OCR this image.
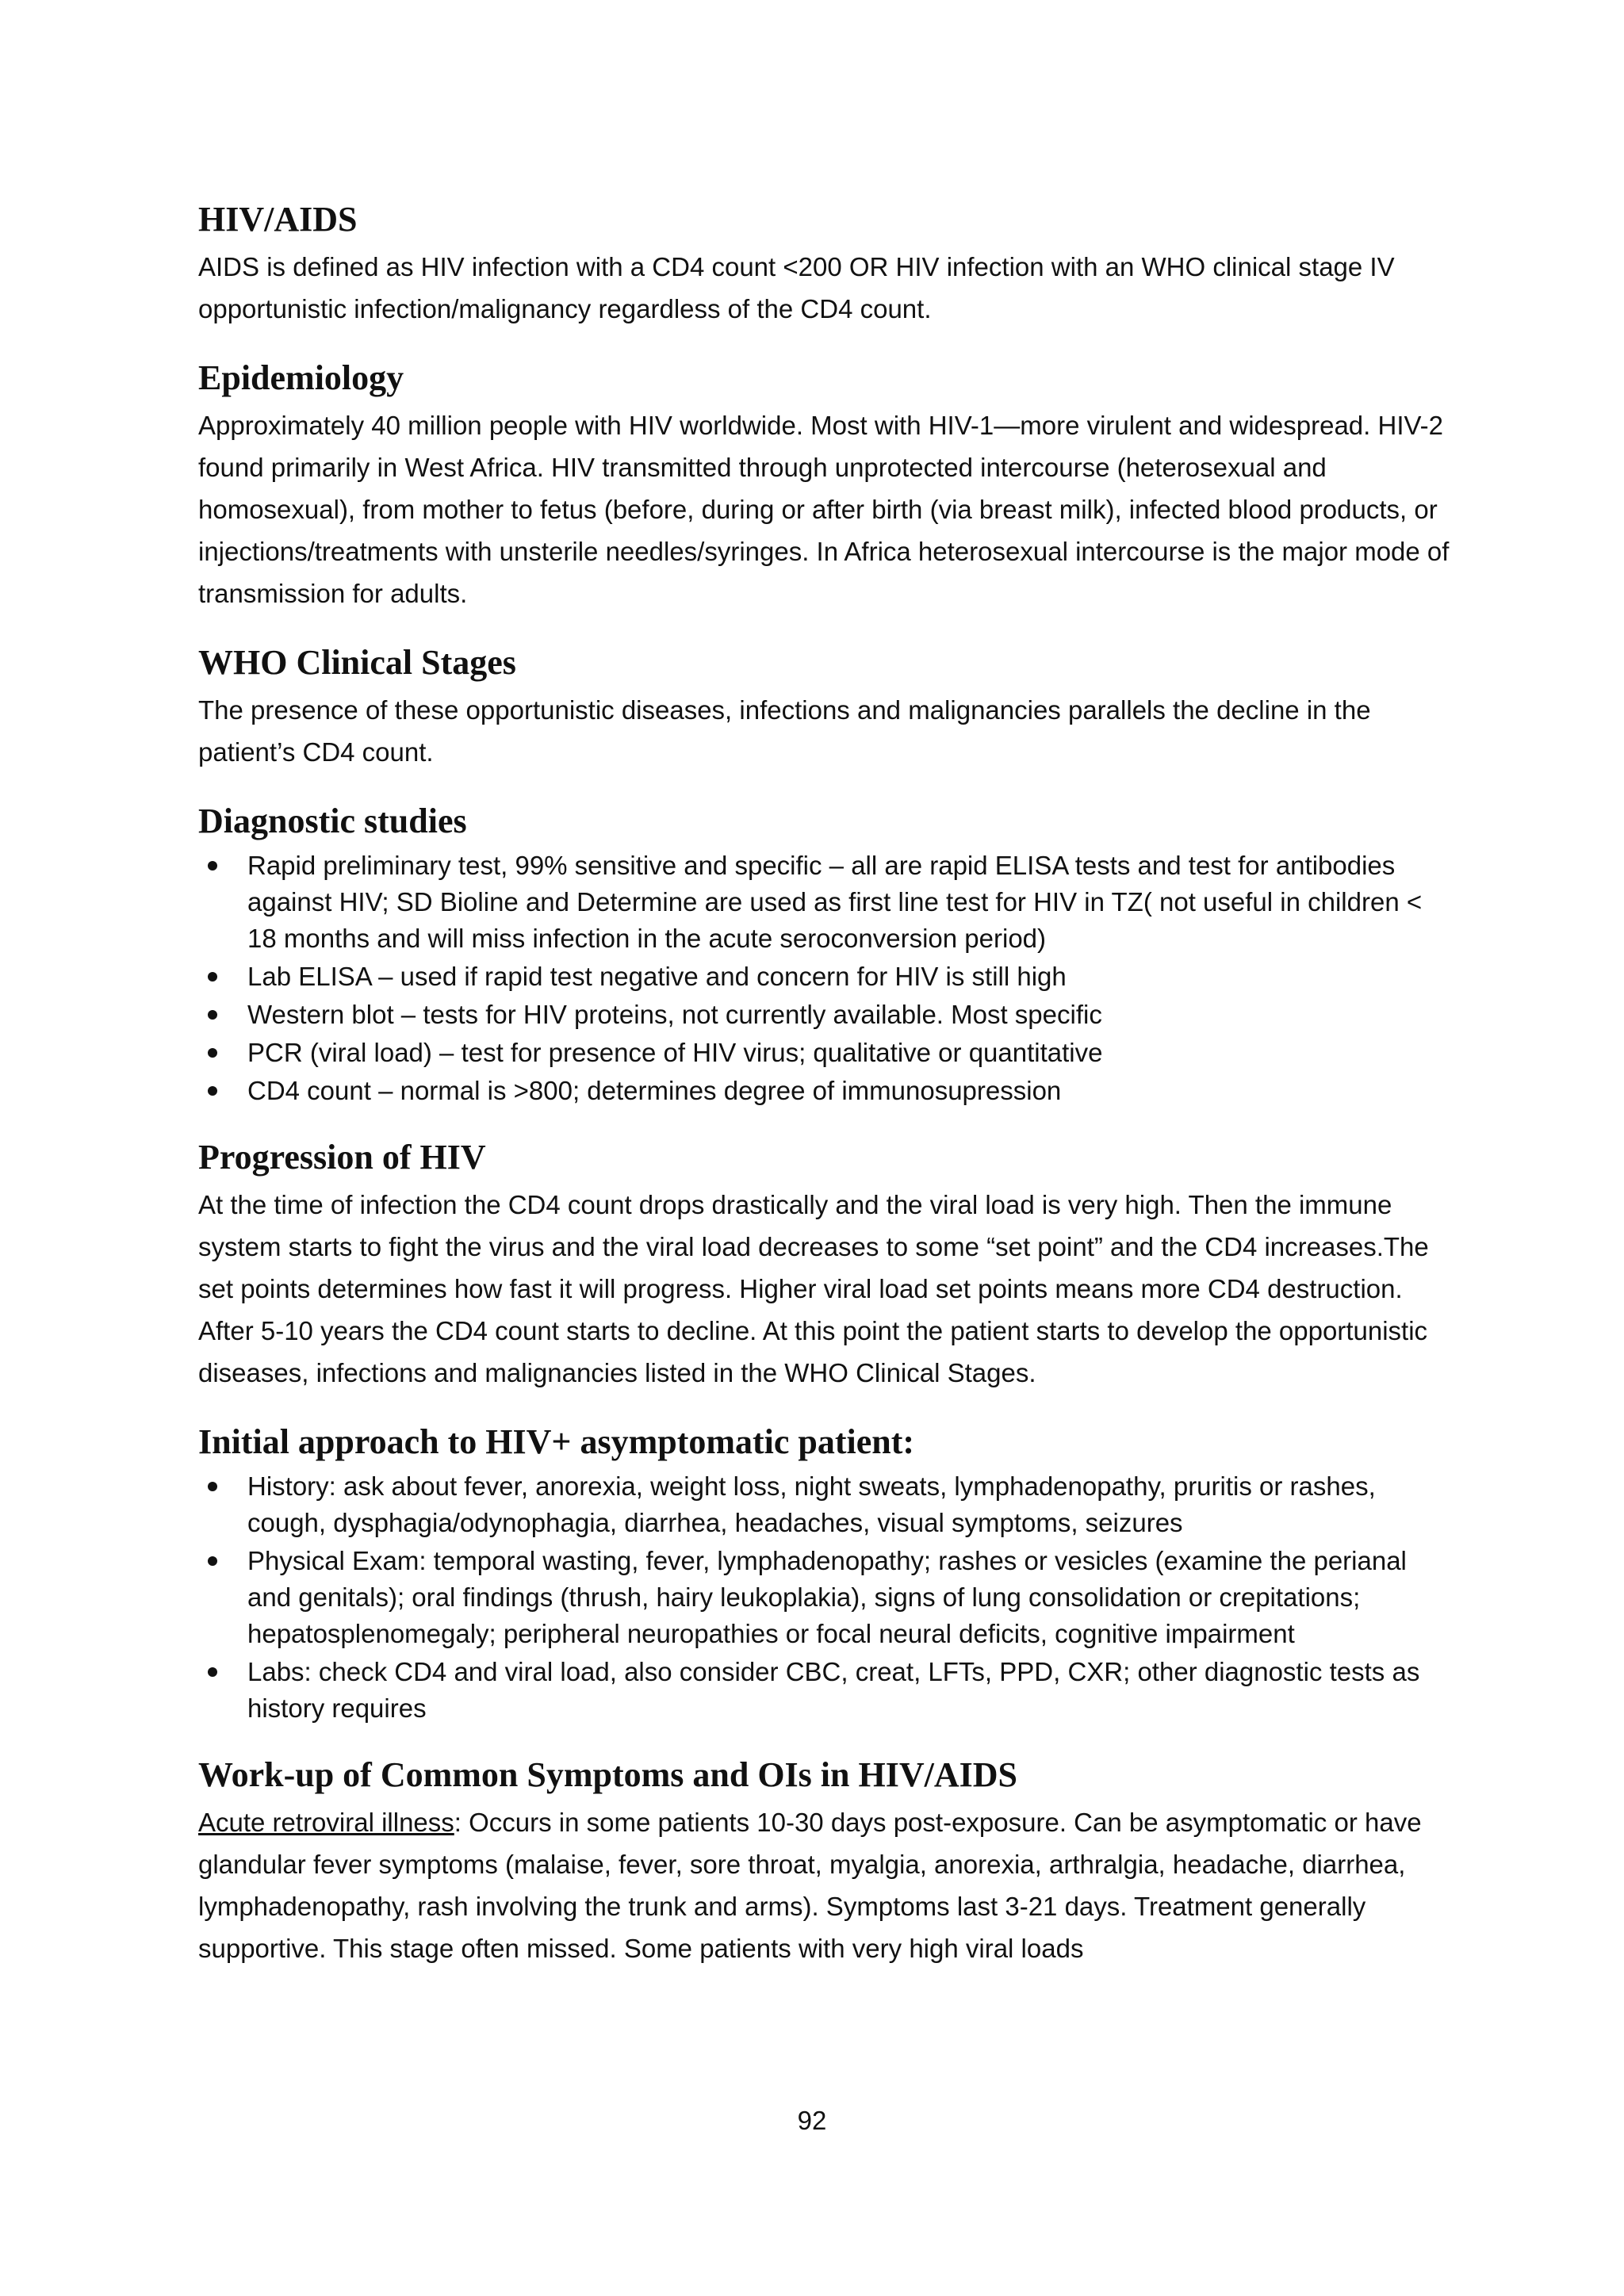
HIV/AIDS

AIDS is defined as HIV infection with a CD4 count <200 OR HIV infection with an WHO clinical stage IV opportunistic infection/malignancy regardless of the CD4 count.

Epidemiology

Approximately 40 million people with HIV worldwide. Most with HIV-1—more virulent and widespread. HIV-2 found primarily in West Africa. HIV transmitted through unprotected intercourse (heterosexual and homosexual), from mother to fetus (before, during or after birth (via breast milk), infected blood products, or injections/treatments with unsterile needles/syringes. In Africa heterosexual intercourse is the major mode of transmission for adults.

WHO Clinical Stages

The presence of these opportunistic diseases, infections and malignancies parallels the decline in the patient’s CD4 count.

Diagnostic studies
Rapid preliminary test, 99% sensitive and specific – all are rapid ELISA tests and test for antibodies against HIV; SD Bioline and Determine are used as first line test for HIV in TZ( not useful in children < 18 months and will miss infection in the acute seroconversion period)
Lab ELISA – used if rapid test negative and concern for HIV is still high
Western blot – tests for HIV proteins, not currently available. Most specific
PCR (viral load) – test for presence of HIV virus; qualitative or quantitative
CD4 count – normal is >800; determines degree of immunosupression
Progression of HIV

At the time of infection the CD4 count drops drastically and the viral load is very high. Then the immune system starts to fight the virus and the viral load decreases to some “set point” and the CD4 increases.The set points determines how fast it will progress. Higher viral load set points means more CD4 destruction. After 5-10 years the CD4 count starts to decline. At this point the patient starts to develop the opportunistic diseases, infections and malignancies listed in the WHO Clinical Stages.

Initial approach to HIV+ asymptomatic patient:
History: ask about fever, anorexia, weight loss, night sweats, lymphadenopathy, pruritis or rashes, cough, dysphagia/odynophagia, diarrhea, headaches, visual symptoms, seizures
Physical Exam: temporal wasting, fever, lymphadenopathy; rashes or vesicles (examine the perianal and genitals); oral findings (thrush, hairy leukoplakia), signs of lung consolidation or crepitations; hepatosplenomegaly; peripheral neuropathies or focal neural deficits, cognitive impairment
Labs: check CD4 and viral load, also consider CBC, creat, LFTs, PPD, CXR; other diagnostic tests as history requires
Work-up of Common Symptoms and OIs in HIV/AIDS

Acute retroviral illness: Occurs in some patients 10-30 days post-exposure. Can be asymptomatic or have glandular fever symptoms (malaise, fever, sore throat, myalgia, anorexia, arthralgia, headache, diarrhea, lymphadenopathy, rash involving the trunk and arms). Symptoms last 3-21 days. Treatment generally supportive. This stage often missed. Some patients with very high viral loads

92
